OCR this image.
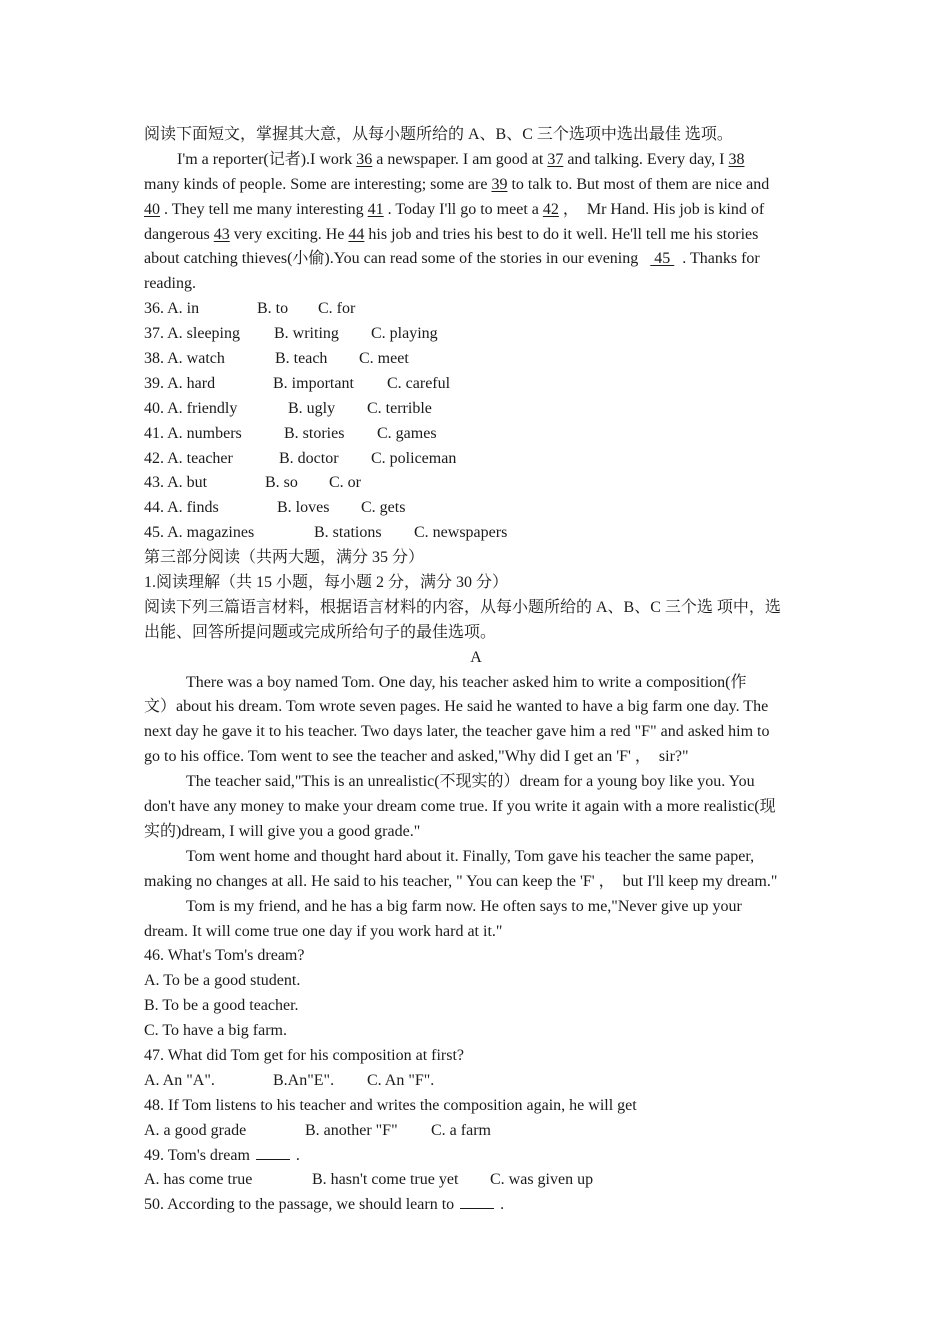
阅读下面短文，掌握其大意，从每小题所给的 A、B、C 三个选项中选出最佳 选项。
I'm a reporter(记者).I work 36 a newspaper. I am good at 37 and talking. Every day, I 38
many kinds of people. Some are interesting; some are 39 to talk to. But most of them are nice and
40 . They tell me many interesting 41 . Today I'll go to meet a 42 ，  Mr Hand. His job is kind of
dangerous 43 very exciting. He 44 his job and tries his best to do it well. He'll tell me his stories
about catching thieves(小偷).You can read some of the stories in our evening    45   . Thanks for
reading.
36. A. in	B. to C. for
37. A. sleeping B. writing C. playing
38. A. watch	B. teach C. meet
39. A. hard	B. important C. careful
40. A. friendly	B. ugly C. terrible
41. A. numbers	B. stories C. games
42. A. teacher	B. doctor C. policeman
43. A. but	B. so C. or
44. A. finds	B. loves C. gets
45. A. magazines	B. stations C. newspapers
第三部分阅读（共两大题，满分 35 分）
1.阅读理解（共 15 小题，每小题 2 分，满分 30 分）
阅读下列三篇语言材料，根据语言材料的内容，从每小题所给的 A、B、C 三个选 项中，选
出能、回答所提问题或完成所给句子的最佳选项。
A
There was a boy named Tom. One day, his teacher asked him to write a composition(作
文）about his dream. Tom wrote seven pages. He said he wanted to have a big farm one day. The
next day he gave it to his teacher. Two days later, the teacher gave him a red "F" and asked him to
go to his office. Tom went to see the teacher and asked,"Why did I get an 'F' ，  sir?"
The teacher said,"This is an unrealistic(不现实的）dream for a young boy like you. You
don't have any money to make your dream come true. If you write it again with a more realistic(现
实的)dream, I will give you a good grade."
Tom went home and thought hard about it. Finally, Tom gave his teacher the same paper,
making no changes at all. He said to his teacher, " You can keep the 'F' ，  but I'll keep my dream."
Tom is my friend, and he has a big farm now. He often says to me,"Never give up your
dream. It will come true one day if you work hard at it."
46. What's Tom's dream?
A. To be a good student.
B. To be a good teacher.
C. To have a big farm.
47. What did Tom get for his composition at first?
A. An "A".	B.An"E". C. An "F".
48. If Tom listens to his teacher and writes the composition again, he will get
A. a good grade	B. another "F" C. a farm
49. Tom's dream	.
A. has come true	B. hasn't come true yet C. was given up
50. According to the passage, we should learn to	.
